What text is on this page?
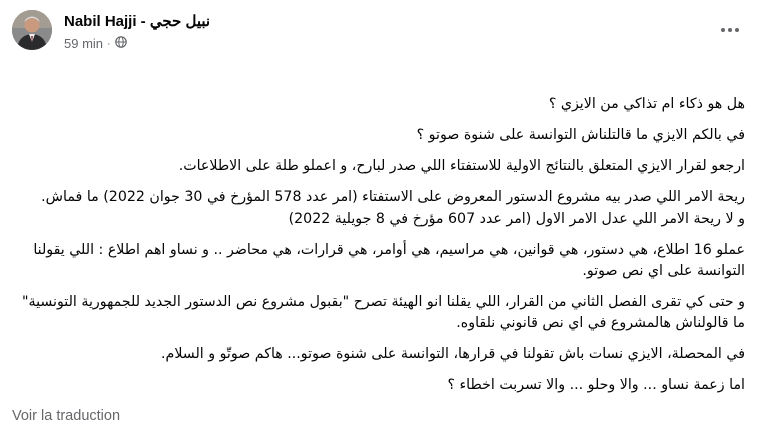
Nabil Hajji - نبيل حجي
59 min ·

هل هو ذكاء ام تذاكي من الايزي ؟

في بالكم الايزي ما قالتلناش التوانسة على شنوة صوتو ؟

ارجعو لقرار الايزي المتعلق بالنتائج الاولية للاستفتاء اللي صدر لبارح، و اعملو طلة على الاطلاعات.

ريحة الامر اللي صدر بيه مشروع الدستور المعروض على الاستفتاء (امر عدد 578 المؤرخ في 30 جوان 2022) ما فماش.

و لا ريحة الامر اللي عدل الامر الاول (امر عدد 607 مؤرخ في 8 جويلية 2022)

عملو 16 اطلاع، هي دستور، هي قوانين، هي مراسيم، هي أوامر، هي قرارات، هي محاضر .. و نساو اهم اطلاع : اللي يقولنا التوانسة على اي نص صوتو.

و حتى كي تقرى الفصل الثاني من القرار، اللي يقلنا انو الهيئة تصرح "بقبول مشروع نص الدستور الجديد للجمهورية التونسية" ما قالولناش هالمشروع في اي نص قانوني نلقاوه.

في المحصلة، الايزي نسات باش تقولنا في قرارها، التوانسة على شنوة صوتو... هاكم صوتّو و السلام.

اما زعمة نساو ... والا وحلو ... والا تسربت اخطاء ؟

Voir la traduction
